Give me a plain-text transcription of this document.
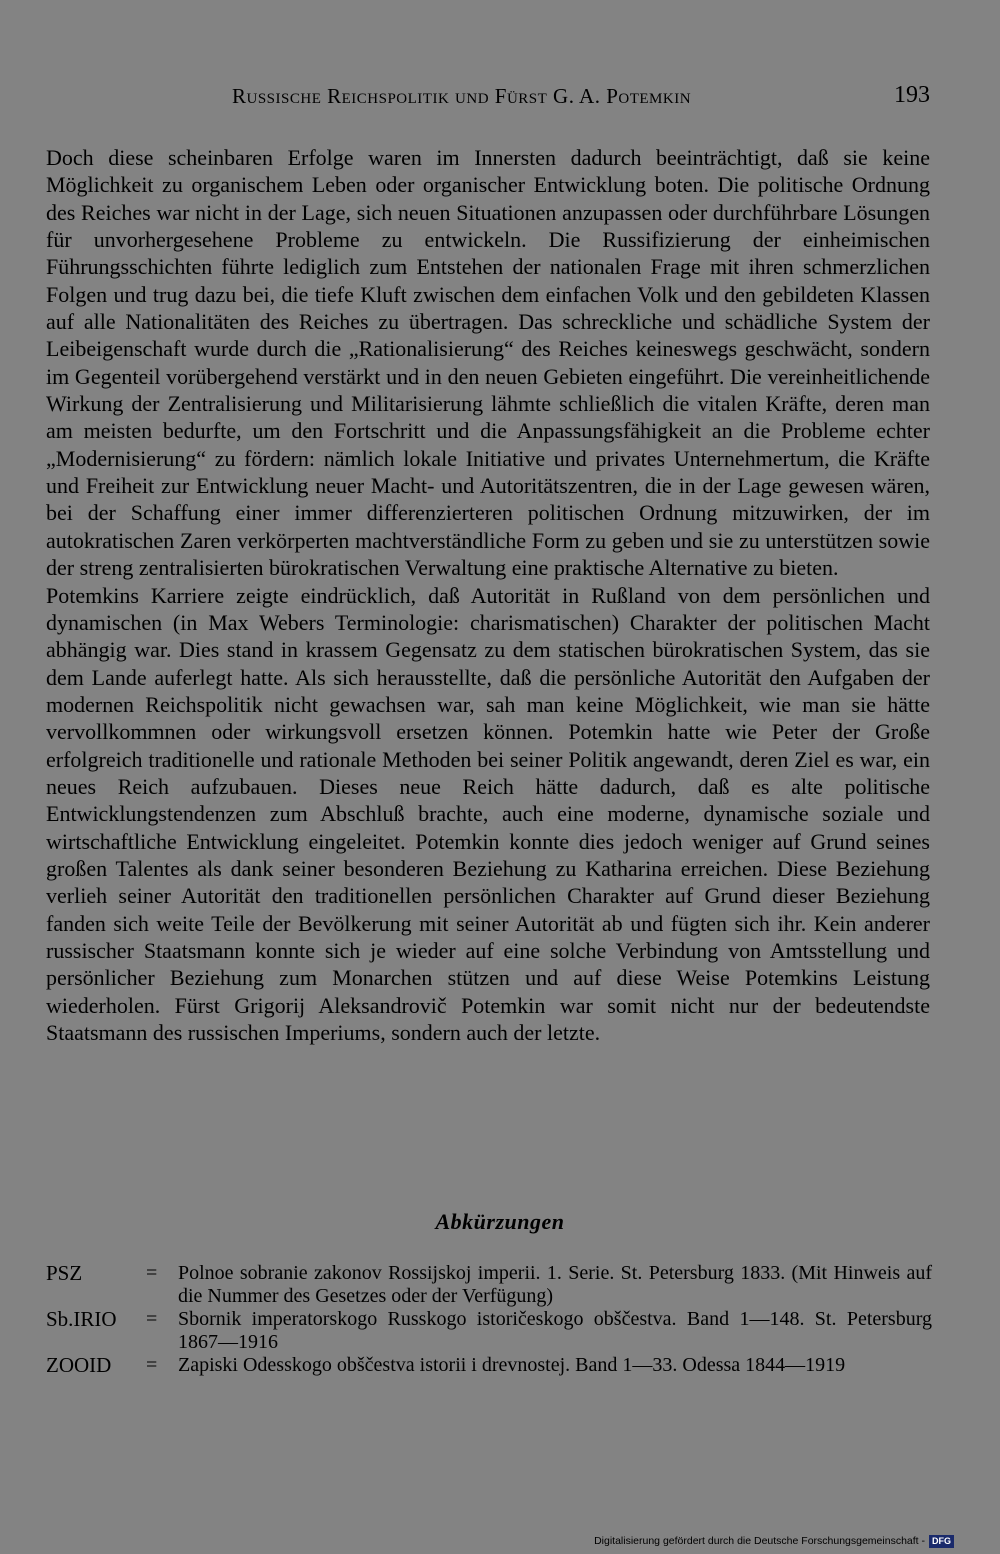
Russische Reichspolitik und Fürst G. A. Potemkin	193

Doch diese scheinbaren Erfolge waren im Innersten dadurch beeinträchtigt, daß sie keine Möglichkeit zu organischem Leben oder organischer Entwicklung boten. Die politische Ordnung des Reiches war nicht in der Lage, sich neuen Situationen anzupassen oder durchführbare Lösungen für unvorhergesehene Probleme zu entwickeln. Die Russifizierung der einheimischen Führungsschichten führte lediglich zum Entstehen der nationalen Frage mit ihren schmerzlichen Folgen und trug dazu bei, die tiefe Kluft zwischen dem einfachen Volk und den gebildeten Klassen auf alle Nationalitäten des Reiches zu übertragen. Das schreckliche und schädliche System der Leibeigenschaft wurde durch die „Rationalisierung“ des Reiches keineswegs geschwächt, sondern im Gegenteil vorübergehend verstärkt und in den neuen Gebieten eingeführt. Die vereinheitlichende Wirkung der Zentralisierung und Militarisierung lähmte schließlich die vitalen Kräfte, deren man am meisten bedurfte, um den Fortschritt und die Anpassungsfähigkeit an die Probleme echter „Modernisierung“ zu fördern: nämlich lokale Initiative und privates Unternehmertum, die Kräfte und Freiheit zur Entwicklung neuer Macht- und Autoritätszentren, die in der Lage gewesen wären, bei der Schaffung einer immer differenzierteren politischen Ordnung mitzuwirken, der im autokratischen Zaren verkörperten machtverständliche Form zu geben und sie zu unterstützen sowie der streng zentralisierten bürokratischen Verwaltung eine praktische Alternative zu bieten.

Potemkins Karriere zeigte eindrücklich, daß Autorität in Rußland von dem persönlichen und dynamischen (in Max Webers Terminologie: charismatischen) Charakter der politischen Macht abhängig war. Dies stand in krassem Gegensatz zu dem statischen bürokratischen System, das sie dem Lande auferlegt hatte. Als sich herausstellte, daß die persönliche Autorität den Aufgaben der modernen Reichspolitik nicht gewachsen war, sah man keine Möglichkeit, wie man sie hätte vervollkommnen oder wirkungsvoll ersetzen können. Potemkin hatte wie Peter der Große erfolgreich traditionelle und rationale Methoden bei seiner Politik angewandt, deren Ziel es war, ein neues Reich aufzubauen. Dieses neue Reich hätte dadurch, daß es alte politische Entwicklungstendenzen zum Abschluß brachte, auch eine moderne, dynamische soziale und wirtschaftliche Entwicklung eingeleitet. Potemkin konnte dies jedoch weniger auf Grund seines großen Talentes als dank seiner besonderen Beziehung zu Katharina erreichen. Diese Beziehung verlieh seiner Autorität den traditionellen persönlichen Charakter auf Grund dieser Beziehung fanden sich weite Teile der Bevölkerung mit seiner Autorität ab und fügten sich ihr. Kein anderer russischer Staatsmann konnte sich je wieder auf eine solche Verbindung von Amtsstellung und persönlicher Beziehung zum Monarchen stützen und auf diese Weise Potemkins Leistung wiederholen. Fürst Grigorij Aleksandrovič Potemkin war somit nicht nur der bedeutendste Staatsmann des russischen Imperiums, sondern auch der letzte.

Abkürzungen
PSZ	=	Polnoe sobranie zakonov Rossijskoj imperii. 1. Serie. St. Petersburg 1833. (Mit Hinweis auf die Nummer des Gesetzes oder der Verfügung)
Sb.IRIO	=	Sbornik imperatorskogo Russkogo istoričeskogo obščestva. Band 1—148. St. Petersburg 1867—1916
ZOOID	=	Zapiski Odesskogo obščestva istorii i drevnostej. Band 1—33. Odessa 1844—1919
Digitalisierung gefördert durch die Deutsche Forschungsgemeinschaft - DFG
